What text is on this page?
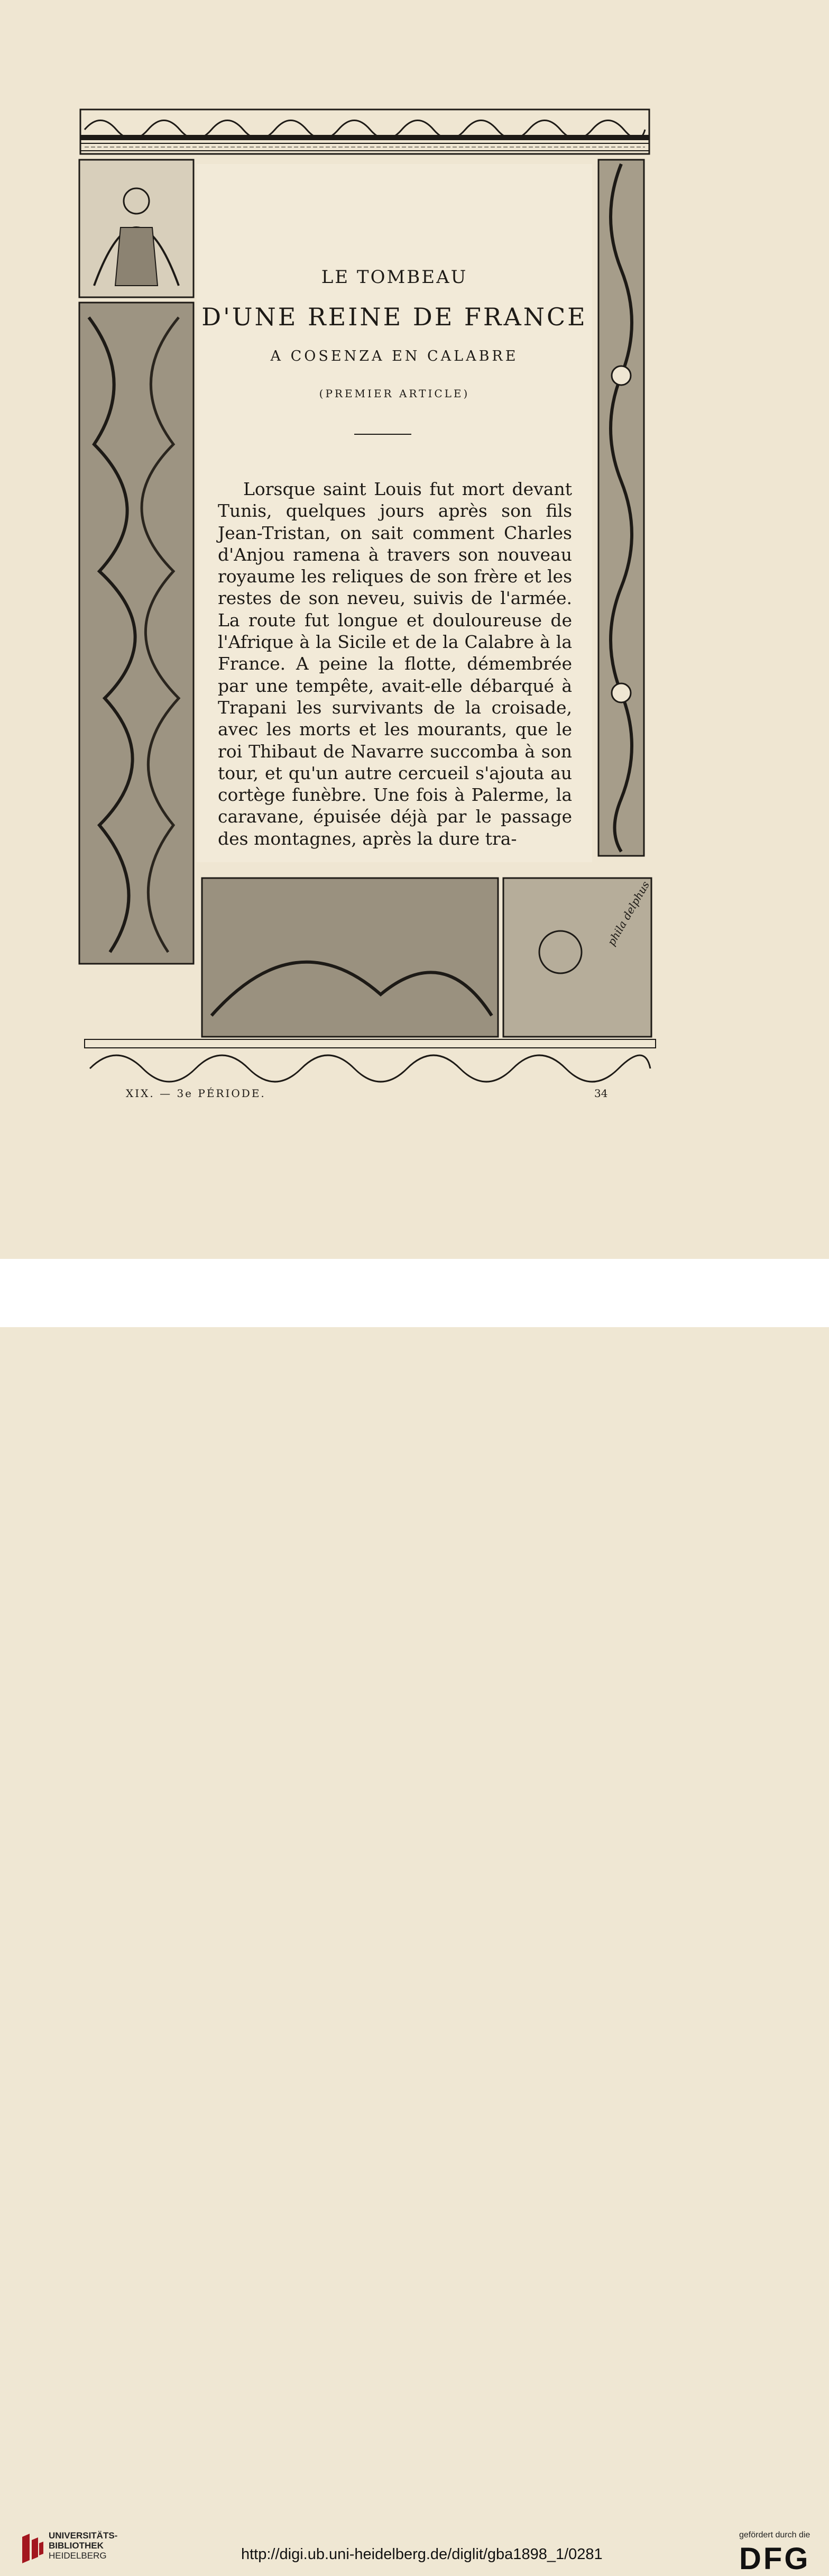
phila delphus
LE TOMBEAU
D'UNE REINE DE FRANCE
A COSENZA EN CALABRE
(PREMIER ARTICLE)

Lorsque saint Louis fut mort devant Tunis, quelques jours après son fils Jean-Tristan, on sait comment Charles d'Anjou ramena à travers son nouveau royaume les reliques de son frère et les restes de son neveu, suivis de l'armée. La route fut longue et douloureuse de l'Afrique à la Sicile et de la Calabre à la France. A peine la flotte, démembrée par une tempête, avait-elle débarqué à Trapani les survivants de la croisade, avec les morts et les mourants, que le roi Thibaut de Navarre succomba à son tour, et qu'un autre cercueil s'ajouta au cortège funèbre. Une fois à Palerme, la caravane, épuisée déjà par le passage des montagnes, après la dure tra-

XIX. — 3e PÉRIODE.	34
UNIVERSITÄTS-
BIBLIOTHEK
HEIDELBERG	http://digi.ub.uni-heidelberg.de/diglit/gba1898_1/0281
gefördert durch die
DFG
